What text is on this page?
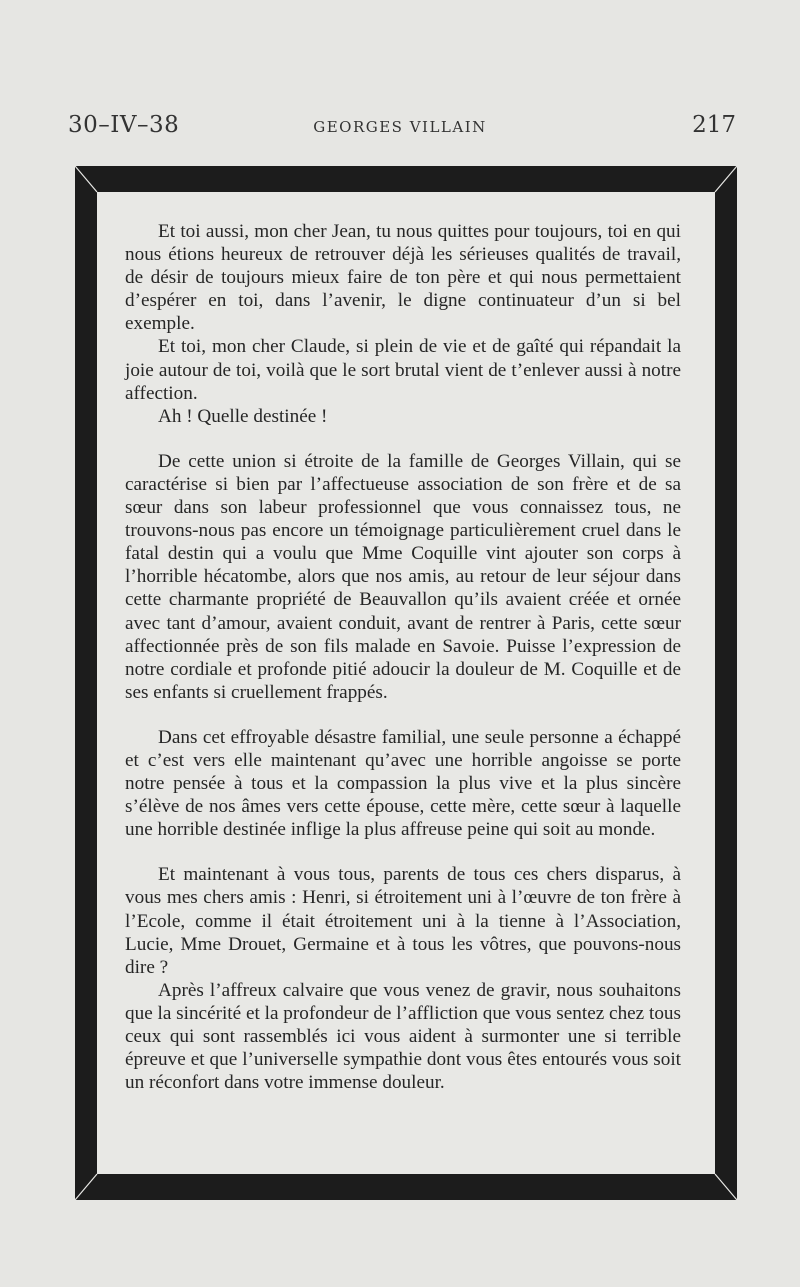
30–IV–38	GEORGES VILLAIN	217

Et toi aussi, mon cher Jean, tu nous quittes pour toujours, toi en qui nous étions heureux de retrouver déjà les sérieuses qualités de travail, de désir de toujours mieux faire de ton père et qui nous permettaient d’espérer en toi, dans l’avenir, le digne continuateur d’un si bel exemple.

Et toi, mon cher Claude, si plein de vie et de gaîté qui répandait la joie autour de toi, voilà que le sort brutal vient de t’enlever aussi à notre affection.

Ah ! Quelle destinée !

De cette union si étroite de la famille de Georges Villain, qui se caractérise si bien par l’affectueuse association de son frère et de sa sœur dans son labeur professionnel que vous connaissez tous, ne trouvons-nous pas encore un témoignage particulièrement cruel dans le fatal destin qui a voulu que Mme Coquille vint ajouter son corps à l’horrible hécatombe, alors que nos amis, au retour de leur séjour dans cette charmante propriété de Beauvallon qu’ils avaient créée et ornée avec tant d’amour, avaient conduit, avant de rentrer à Paris, cette sœur affectionnée près de son fils malade en Savoie. Puisse l’expression de notre cordiale et profonde pitié adoucir la douleur de M. Coquille et de ses enfants si cruellement frappés.

Dans cet effroyable désastre familial, une seule personne a échappé et c’est vers elle maintenant qu’avec une horrible angoisse se porte notre pensée à tous et la compassion la plus vive et la plus sincère s’élève de nos âmes vers cette épouse, cette mère, cette sœur à laquelle une horrible destinée inflige la plus affreuse peine qui soit au monde.

Et maintenant à vous tous, parents de tous ces chers disparus, à vous mes chers amis : Henri, si étroitement uni à l’œuvre de ton frère à l’Ecole, comme il était étroitement uni à la tienne à l’Association, Lucie, Mme Drouet, Germaine et à tous les vôtres, que pouvons-nous dire ?

Après l’affreux calvaire que vous venez de gravir, nous souhaitons que la sincérité et la profondeur de l’affliction que vous sentez chez tous ceux qui sont rassemblés ici vous aident à surmonter une si terrible épreuve et que l’universelle sympathie dont vous êtes entourés vous soit un réconfort dans votre immense douleur.
